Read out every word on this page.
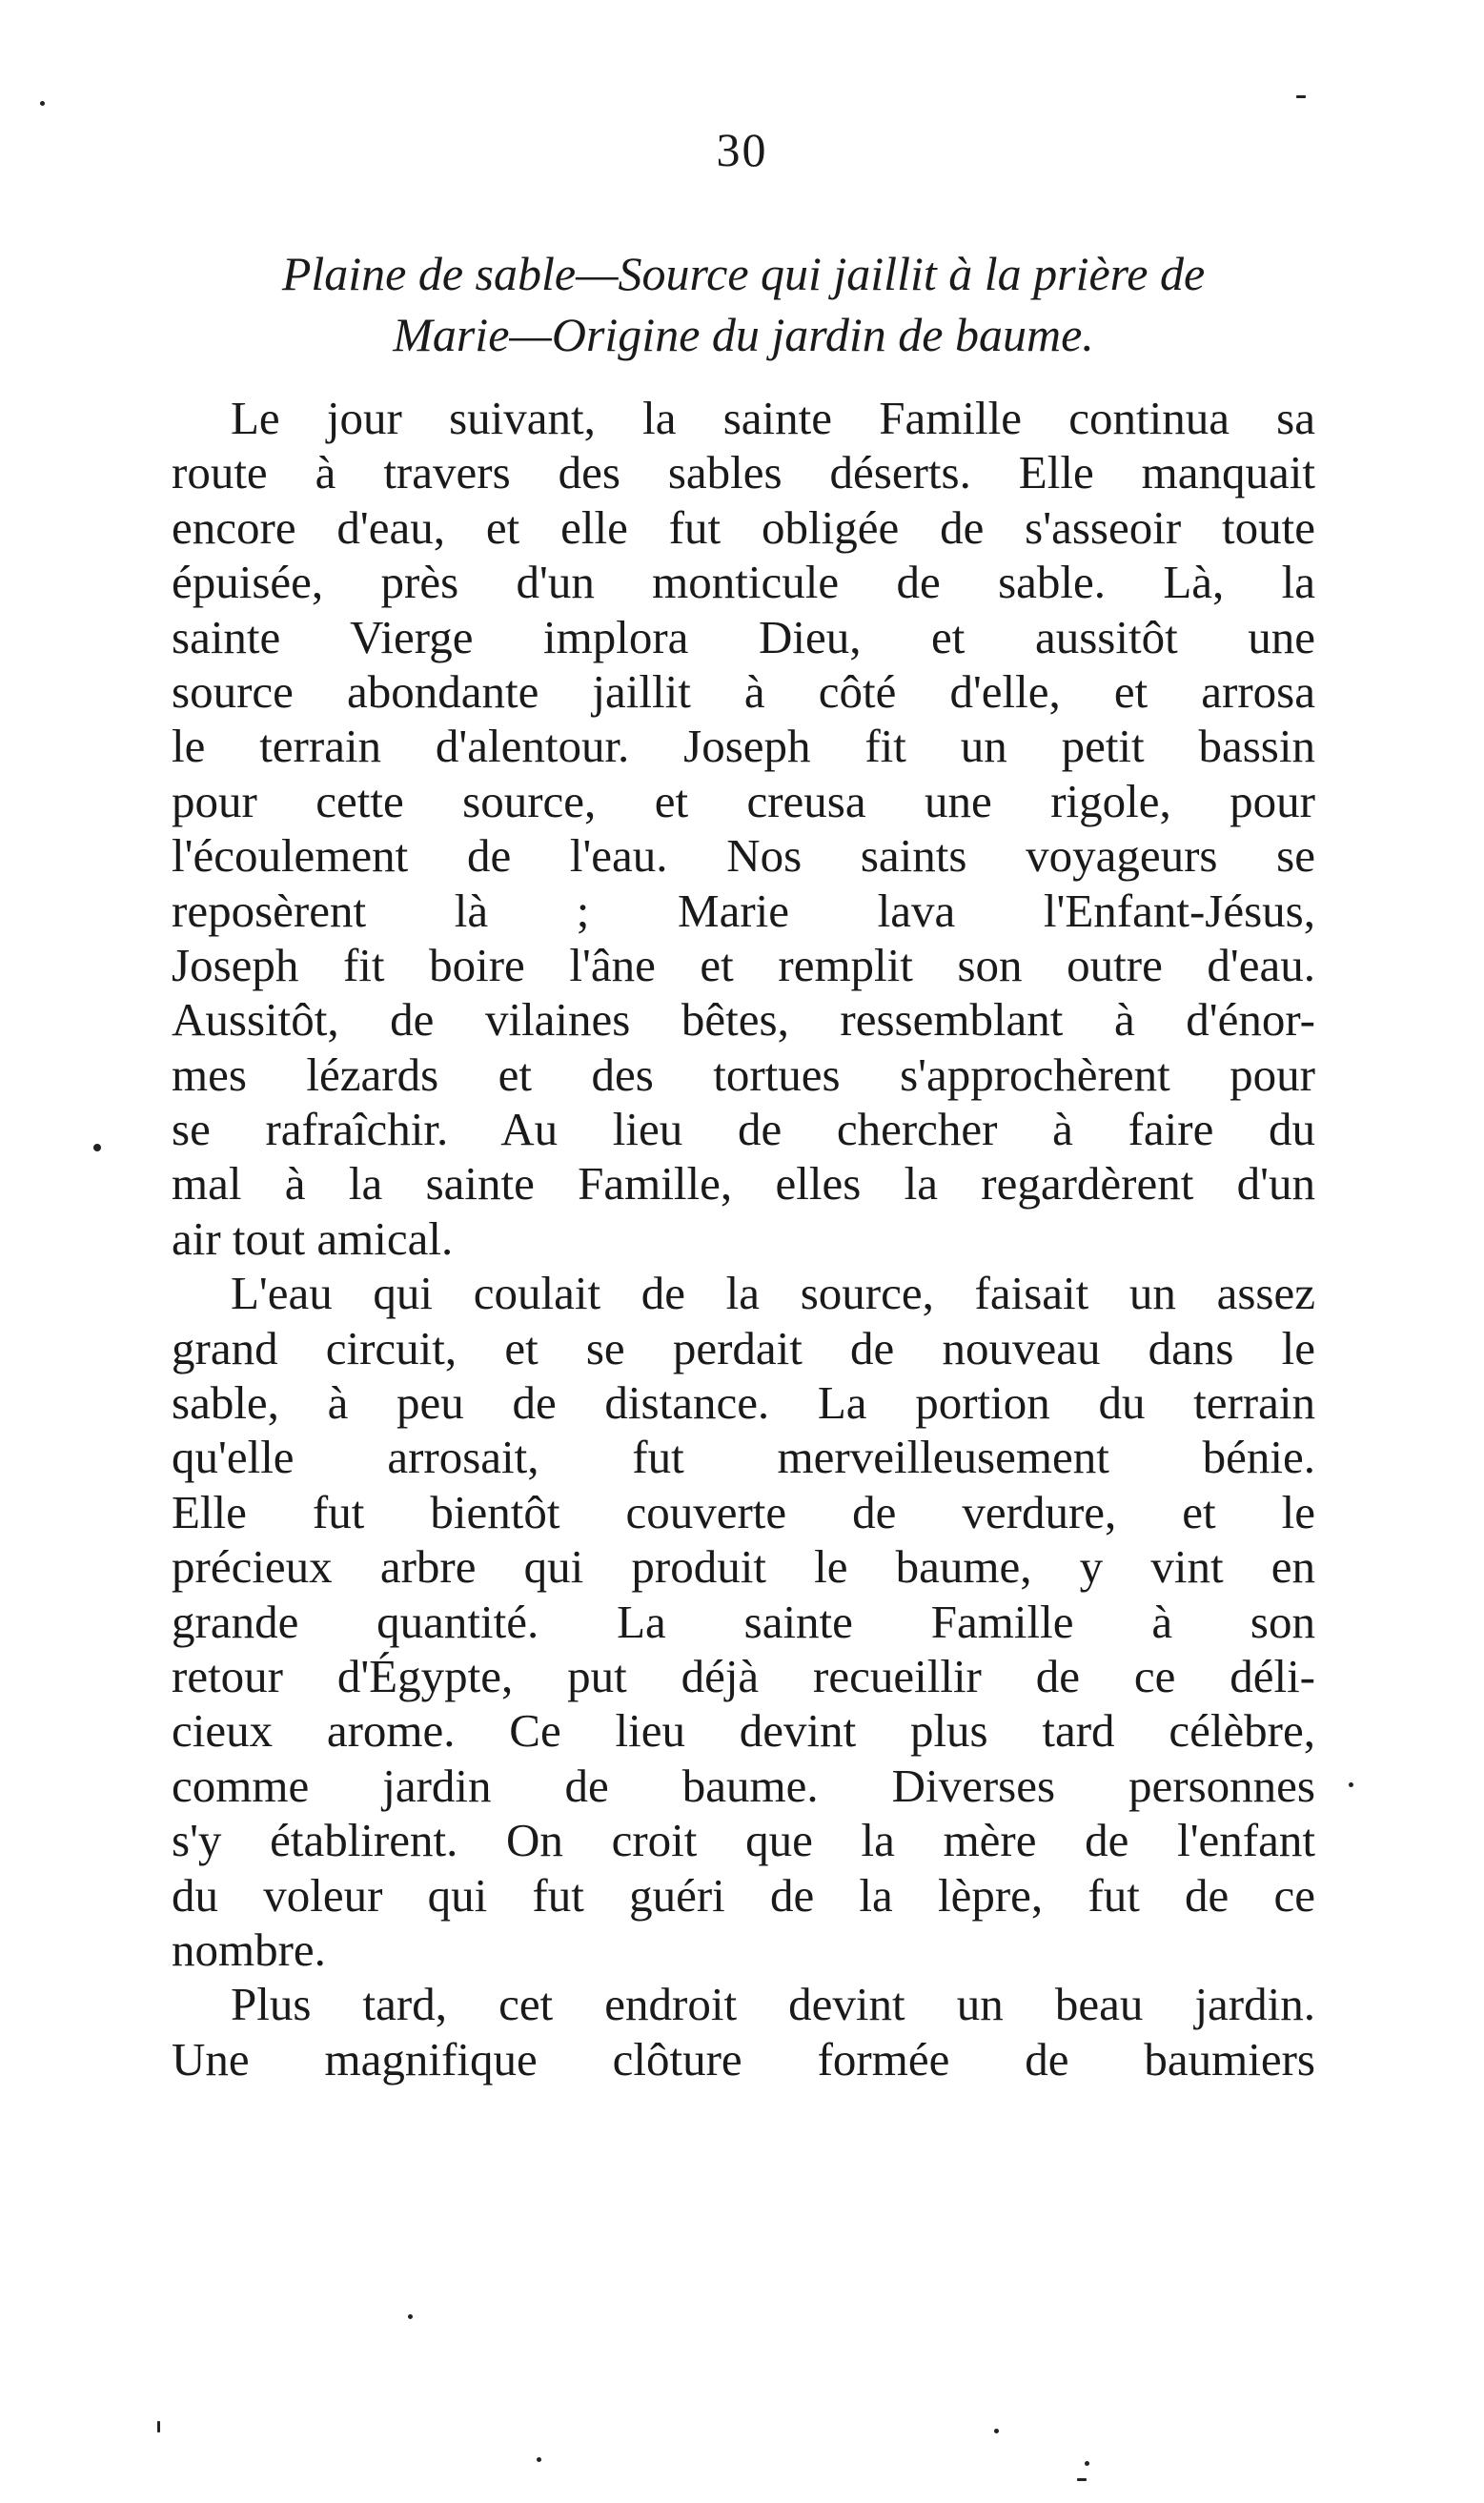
30
Plaine de sable—Source qui jaillit à la prière de
Marie—Origine du jardin de baume.
Le jour suivant, la sainte Famille continua sa
route à travers des sables déserts. Elle manquait
encore d'eau, et elle fut obligée de s'asseoir toute
épuisée, près d'un monticule de sable. Là, la
sainte Vierge implora Dieu, et aussitôt une
source abondante jaillit à côté d'elle, et arrosa
le terrain d'alentour. Joseph fit un petit bassin
pour cette source, et creusa une rigole, pour
l'écoulement de l'eau. Nos saints voyageurs se
reposèrent là ; Marie lava l'Enfant-Jésus,
Joseph fit boire l'âne et remplit son outre d'eau.
Aussitôt, de vilaines bêtes, ressemblant à d'énor-
mes lézards et des tortues s'approchèrent pour
se rafraîchir. Au lieu de chercher à faire du
mal à la sainte Famille, elles la regardèrent d'un
air tout amical.
L'eau qui coulait de la source, faisait un assez
grand circuit, et se perdait de nouveau dans le
sable, à peu de distance. La portion du terrain
qu'elle arrosait, fut merveilleusement bénie.
Elle fut bientôt couverte de verdure, et le
précieux arbre qui produit le baume, y vint en
grande quantité. La sainte Famille à son
retour d'Égypte, put déjà recueillir de ce déli-
cieux arome. Ce lieu devint plus tard célèbre,
comme jardin de baume. Diverses personnes
s'y établirent. On croit que la mère de l'enfant
du voleur qui fut guéri de la lèpre, fut de ce
nombre.
Plus tard, cet endroit devint un beau jardin.
Une magnifique clôture formée de baumiers
